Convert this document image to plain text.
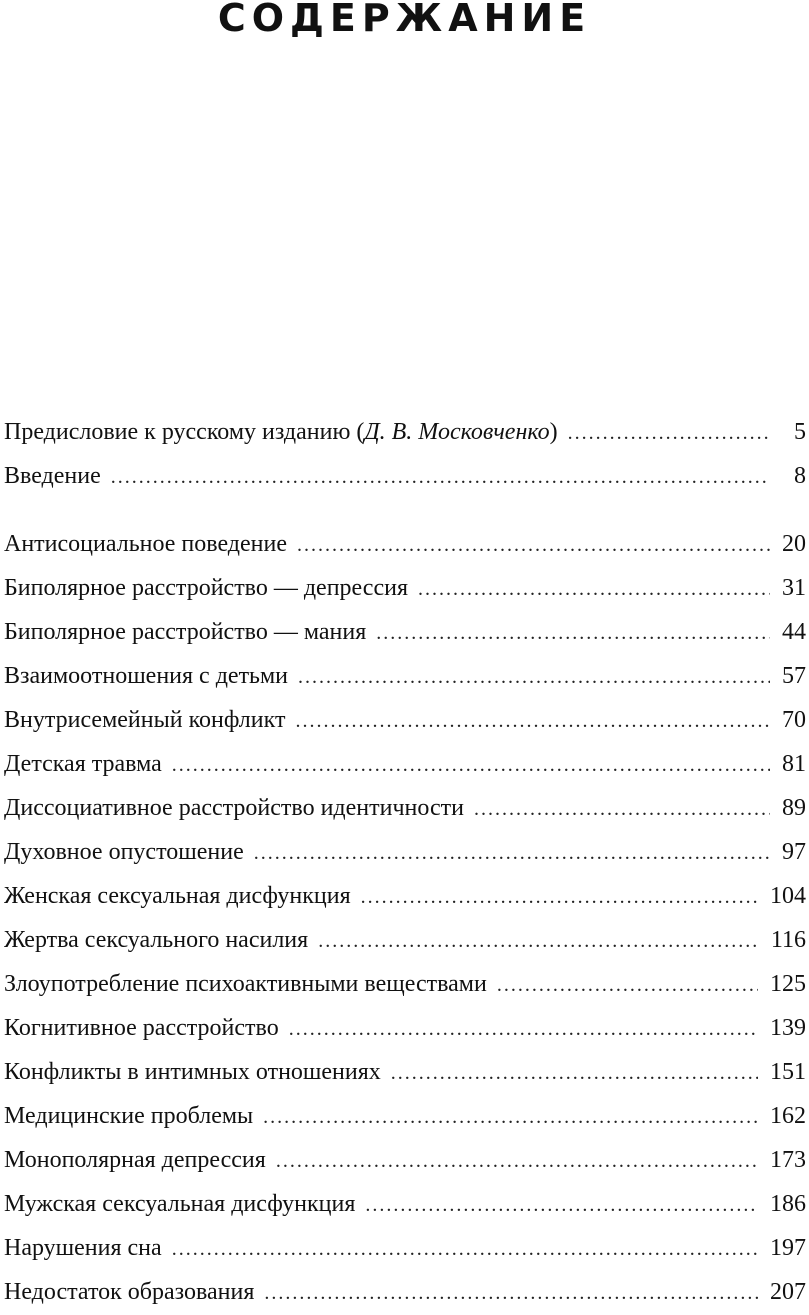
СОДЕРЖАНИЕ
Предисловие к русскому изданию (Д. В. Московченко) .....	5
Введение .....	8
Антисоциальное поведение .....	20
Биполярное расстройство — депрессия .....	31
Биполярное расстройство — мания .....	44
Взаимоотношения с детьми .....	57
Внутрисемейный конфликт .....	70
Детская травма .....	81
Диссоциативное расстройство идентичности .....	89
Духовное опустошение .....	97
Женская сексуальная дисфункция .....	104
Жертва сексуального насилия .....	116
Злоупотребление психоактивными веществами .....	125
Когнитивное расстройство .....	139
Конфликты в интимных отношениях .....	151
Медицинские проблемы .....	162
Монополярная депрессия .....	173
Мужская сексуальная дисфункция .....	186
Нарушения сна .....	197
Недостаток образования .....	207
